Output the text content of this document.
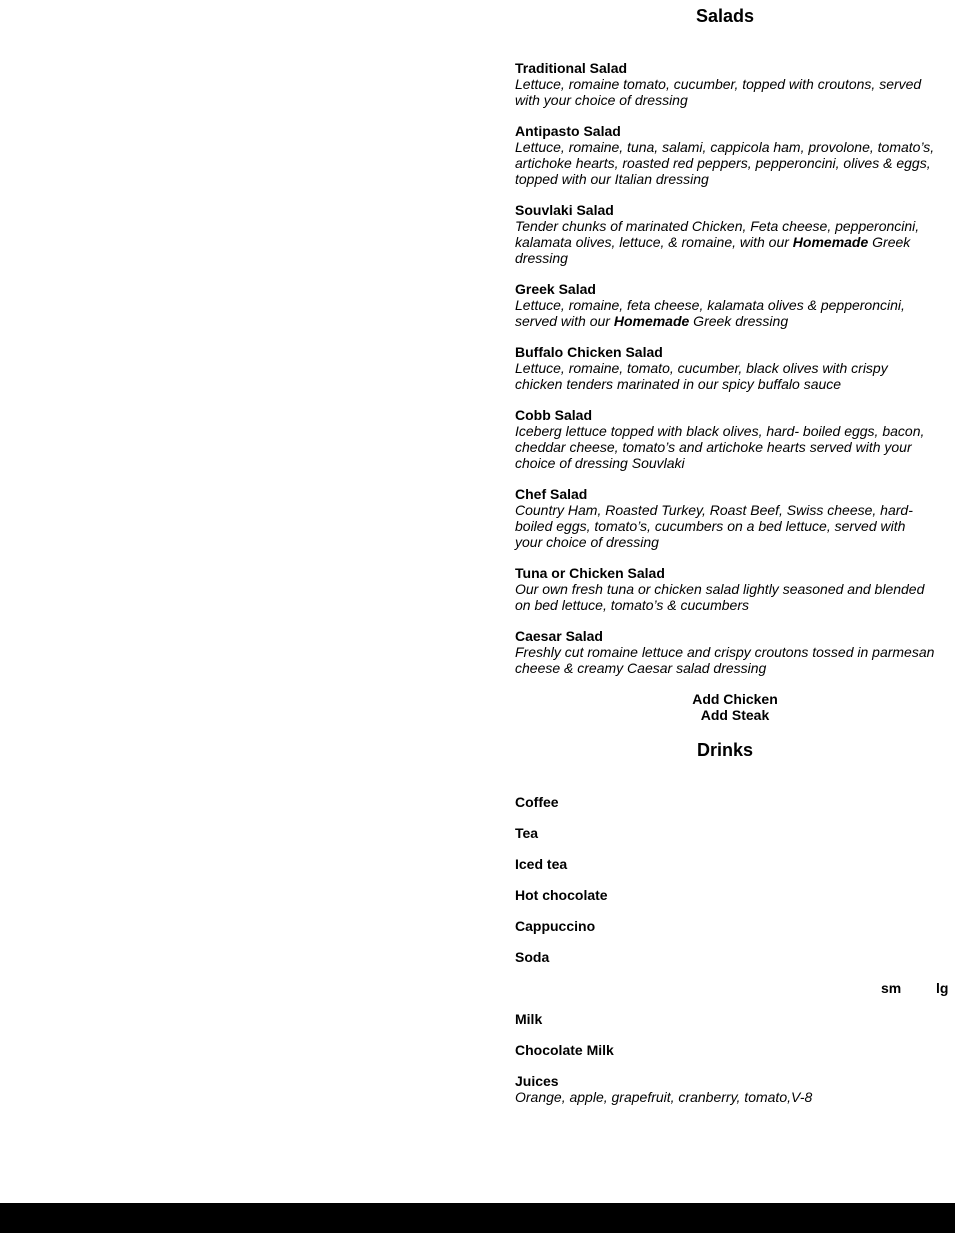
Salads
Traditional Salad
Lettuce, romaine tomato, cucumber, topped with croutons, served with your choice of dressing
Antipasto Salad
Lettuce, romaine, tuna, salami, cappicola ham, provolone, tomato’s, artichoke hearts, roasted red peppers, pepperoncini, olives & eggs, topped with our Italian dressing
Souvlaki Salad
Tender chunks of marinated Chicken, Feta cheese, pepperoncini, kalamata olives, lettuce, & romaine, with our Homemade Greek dressing
Greek Salad
Lettuce, romaine, feta cheese, kalamata olives & pepperoncini, served with our Homemade Greek dressing
Buffalo Chicken Salad
Lettuce, romaine, tomato, cucumber, black olives with crispy chicken tenders marinated in our spicy buffalo sauce
Cobb Salad
Iceberg lettuce topped with black olives, hard- boiled eggs, bacon, cheddar cheese, tomato’s and artichoke hearts served with your choice of dressing Souvlaki
Chef Salad
Country Ham, Roasted Turkey, Roast Beef, Swiss cheese, hard-boiled eggs, tomato’s, cucumbers on a bed lettuce, served with your choice of dressing
Tuna or Chicken Salad
Our own fresh tuna or chicken salad lightly seasoned and blended on bed lettuce, tomato’s & cucumbers
Caesar Salad
Freshly cut romaine lettuce and crispy croutons tossed in parmesan cheese & creamy Caesar salad dressing
Add Chicken
Add Steak
Drinks
Coffee
Tea
Iced tea
Hot chocolate
Cappuccino
Soda
sm lg
Milk
Chocolate Milk
Juices
Orange, apple, grapefruit, cranberry, tomato,V-8
